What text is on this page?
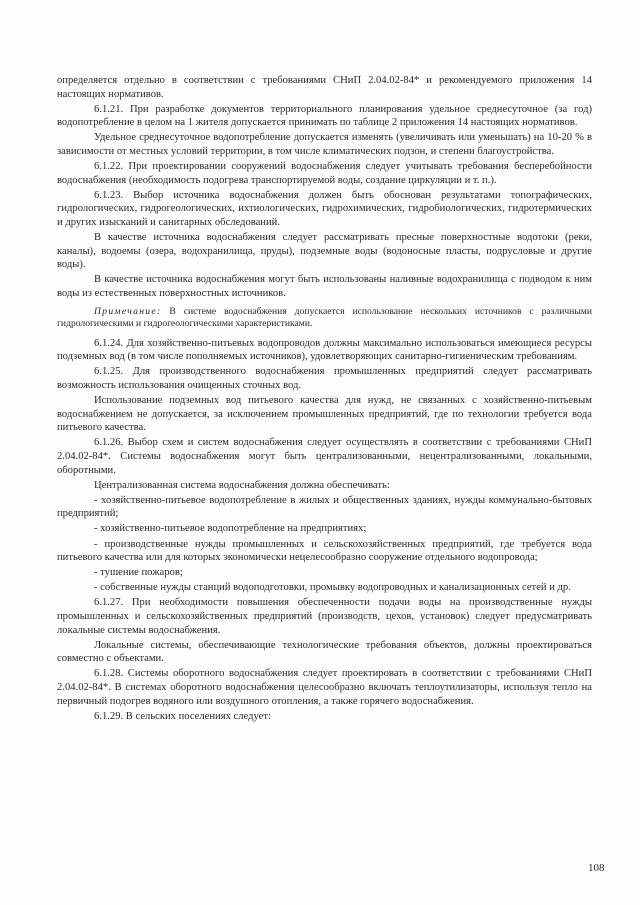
определяется отдельно в соответствии с требованиями СНиП 2.04.02-84* и рекомендуемого приложения 14 настоящих нормативов.

6.1.21. При разработке документов территориального планирования удельное среднесуточное (за год) водопотребление в целом на 1 жителя допускается принимать по таблице 2 приложения 14 настоящих нормативов.

Удельное среднесуточное водопотребление допускается изменять (увеличивать или уменьшать) на 10-20 % в зависимости от местных условий территории, в том числе климатических подзон, и степени благоустройства.

6.1.22. При проектировании сооружений водоснабжения следует учитывать требования бесперебойности водоснабжения (необходимость подогрева транспортируемой воды, создание циркуляции и т. п.).

6.1.23. Выбор источника водоснабжения должен быть обоснован результатами топографических, гидрологических, гидрогеологических, ихтиологических, гидрохимических, гидробиологических, гидротермических и других изысканий и санитарных обследований.

В качестве источника водоснабжения следует рассматривать пресные поверхностные водотоки (реки, каналы), водоемы (озера, водохранилища, пруды), подземные воды (водоносные пласты, подрусловые и другие воды).

В качестве источника водоснабжения могут быть использованы наливные водохранилища с подводом к ним воды из естественных поверхностных источников.

Примечание: В системе водоснабжения допускается использование нескольких источников с различными гидрологическими и гидрогеологическими характеристиками.

6.1.24. Для хозяйственно-питьевых водопроводов должны максимально использоваться имеющиеся ресурсы подземных вод (в том числе пополняемых источников), удовлетворяющих санитарно-гигиеническим требованиям.

6.1.25. Для производственного водоснабжения промышленных предприятий следует рассматривать возможность использования очищенных сточных вод.

Использование подземных вод питьевого качества для нужд, не связанных с хозяйственно-питьевым водоснабжением не допускается, за исключением промышленных предприятий, где по технологии требуется вода питьевого качества.

6.1.26. Выбор схем и систем водоснабжения следует осуществлять в соответствии с требованиями СНиП 2.04.02-84*. Системы водоснабжения могут быть централизованными, нецентрализованными, локальными, оборотными.

Централизованная система водоснабжения должна обеспечивать:

- хозяйственно-питьевое водопотребление в жилых и общественных зданиях, нужды коммунально-бытовых предприятий;

- хозяйственно-питьевое водопотребление на предприятиях;

- производственные нужды промышленных и сельскохозяйственных предприятий, где требуется вода питьевого качества или для которых экономически нецелесообразно сооружение отдельного водопровода;

- тушение пожаров;

- собственные нужды станций водоподготовки, промывку водопроводных и канализационных сетей и др.

6.1.27. При необходимости повышения обеспеченности подачи воды на производственные нужды промышленных и сельскохозяйственных предприятий (производств, цехов, установок) следует предусматривать локальные системы водоснабжения.

Локальные системы, обеспечивающие технологические требования объектов, должны проектироваться совместно с объектами.

6.1.28. Системы оборотного водоснабжения следует проектировать в соответствии с требованиями СНиП 2.04.02-84*. В системах оборотного водоснабжения целесообразно включать теплоутилизаторы, используя тепло на первичный подогрев водяного или воздушного отопления, а также горячего водоснабжения.

6.1.29. В сельских поселениях следует:

108
